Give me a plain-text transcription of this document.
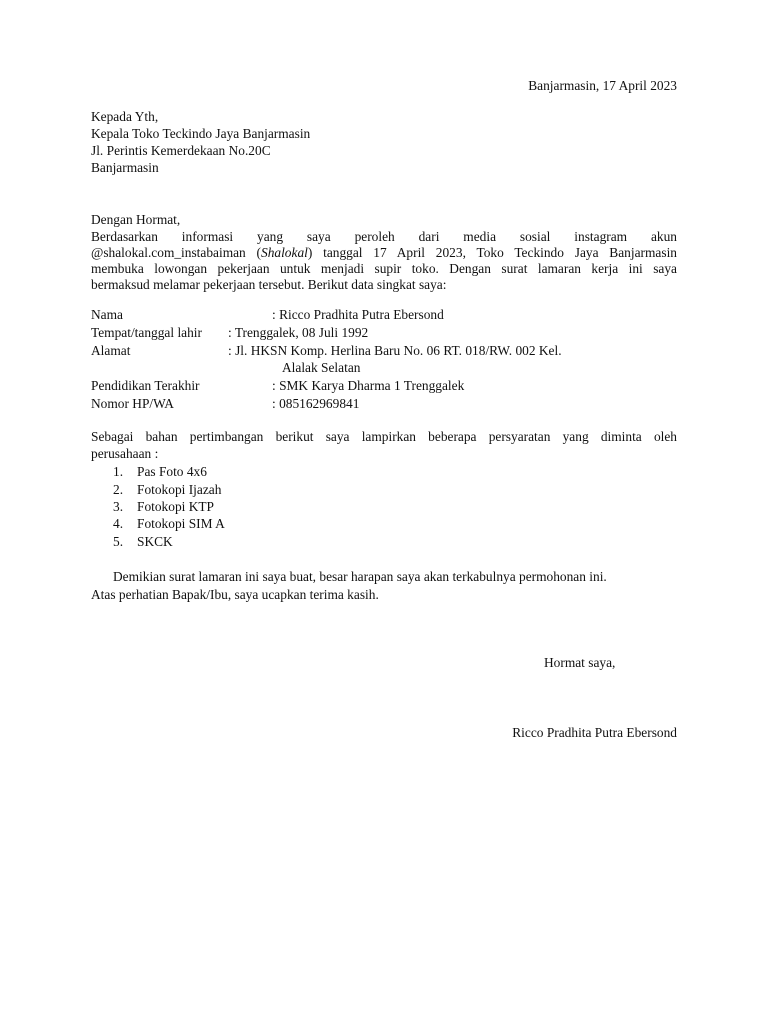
Banjarmasin, 17 April 2023
Kepada Yth,
Kepala Toko Teckindo Jaya Banjarmasin
Jl. Perintis Kemerdekaan No.20C
Banjarmasin
Dengan Hormat,
Berdasarkan informasi yang saya peroleh dari media sosial instagram akun
@shalokal.com_instabaiman (Shalokal) tanggal 17 April 2023, Toko Teckindo Jaya Banjarmasin
membuka lowongan pekerjaan untuk menjadi supir toko. Dengan surat lamaran kerja ini saya
bermaksud melamar pekerjaan tersebut. Berikut data singkat saya:
Nama	: Ricco Pradhita Putra Ebersond
Tempat/tanggal lahir : Trenggalek, 08 Juli 1992
Alamat	: Jl. HKSN Komp. Herlina Baru No. 06 RT. 018/RW. 002 Kel.
Alalak Selatan
Pendidikan Terakhir	: SMK Karya Dharma 1 Trenggalek
Nomor HP/WA	: 085162969841
Sebagai bahan pertimbangan berikut saya lampirkan beberapa persyaratan yang diminta oleh
perusahaan :
1. Pas Foto 4x6
2. Fotokopi Ijazah
3. Fotokopi KTP
4. Fotokopi SIM A
5. SKCK
Demikian surat lamaran ini saya buat, besar harapan saya akan terkabulnya permohonan ini.
Atas perhatian Bapak/Ibu, saya ucapkan terima kasih.
Hormat saya,
Ricco Pradhita Putra Ebersond
